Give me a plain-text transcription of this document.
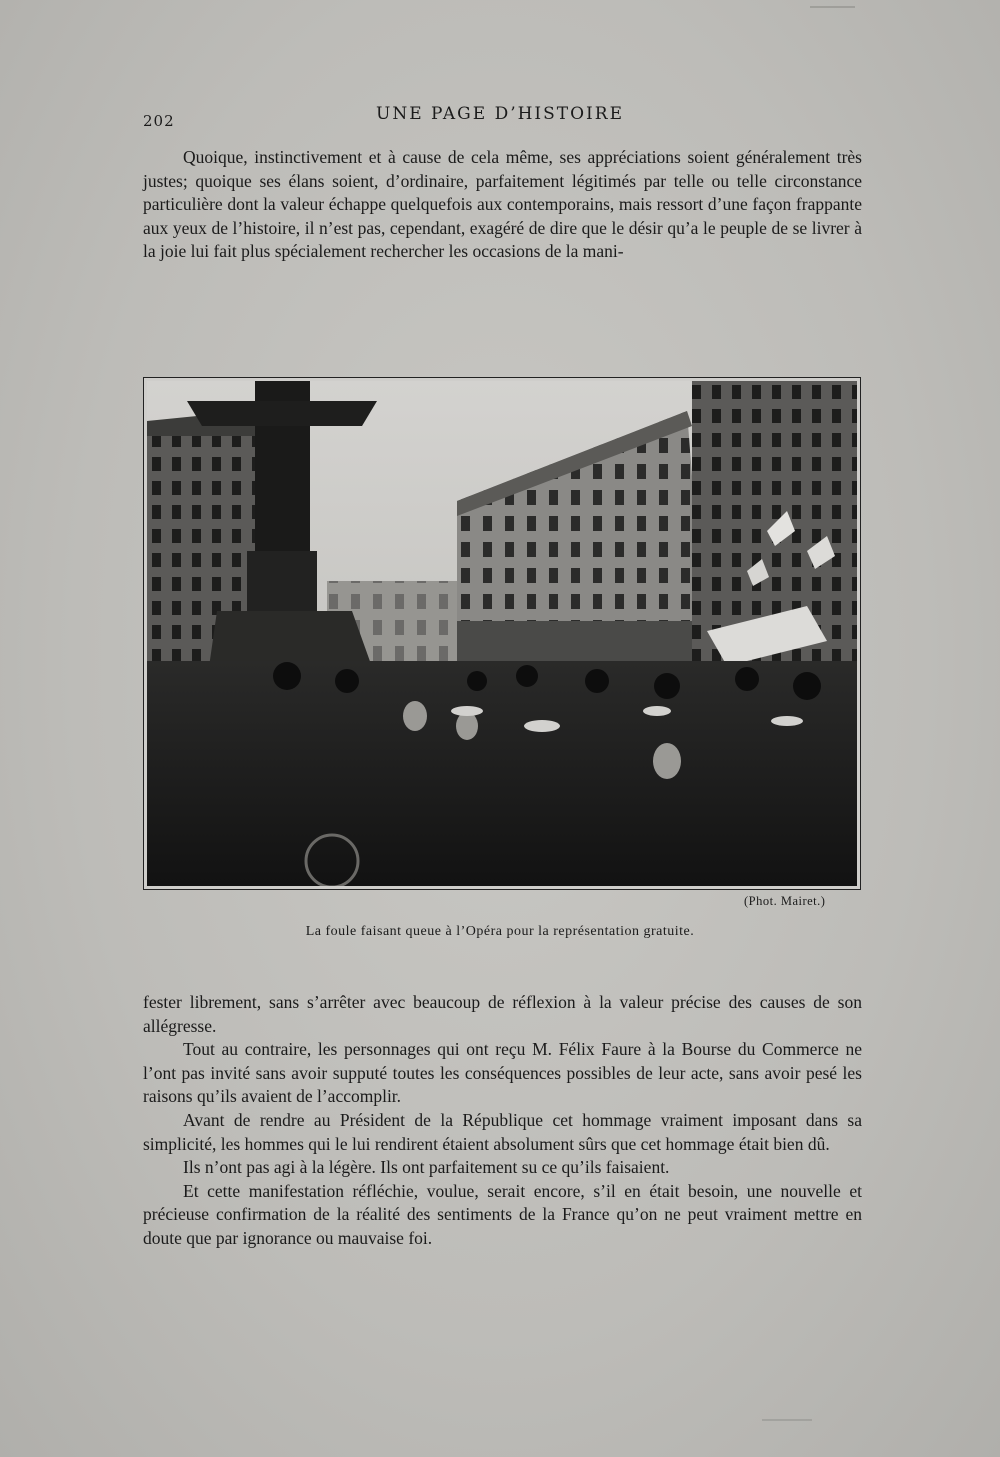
202	UNE PAGE D’HISTOIRE

Quoique, instinctivement et à cause de cela même, ses appréciations soient généralement très justes; quoique ses élans soient, d’ordinaire, parfaitement légitimés par telle ou telle circonstance particulière dont la valeur échappe quelquefois aux contemporains, mais ressort d’une façon frappante aux yeux de l’histoire, il n’est pas, cependant, exagéré de dire que le désir qu’a le peuple de se livrer à la joie lui fait plus spécialement rechercher les occasions de la mani-

(Phot. Mairet.)
La foule faisant queue à l’Opéra pour la représentation gratuite.

fester librement, sans s’arrêter avec beaucoup de réflexion à la valeur précise des causes de son allégresse.

Tout au contraire, les personnages qui ont reçu M. Félix Faure à la Bourse du Commerce ne l’ont pas invité sans avoir supputé toutes les conséquences possibles de leur acte, sans avoir pesé les raisons qu’ils avaient de l’accomplir.

Avant de rendre au Président de la République cet hommage vraiment imposant dans sa simplicité, les hommes qui le lui rendirent étaient absolument sûrs que cet hommage était bien dû.

Ils n’ont pas agi à la légère. Ils ont parfaitement su ce qu’ils faisaient.

Et cette manifestation réfléchie, voulue, serait encore, s’il en était besoin, une nouvelle et précieuse confirmation de la réalité des sentiments de la France qu’on ne peut vraiment mettre en doute que par ignorance ou mauvaise foi.
